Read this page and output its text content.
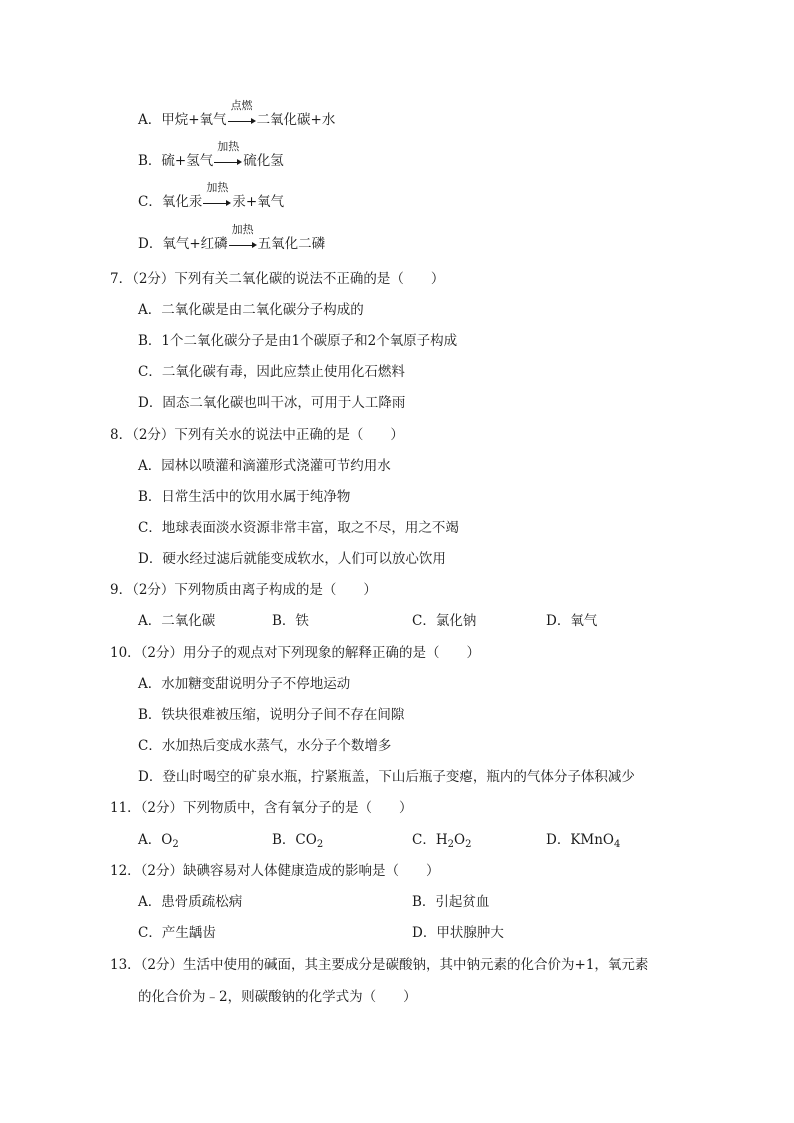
A．甲烷+氧气
点燃
二氧化碳+水
B．硫+氢气
加热
硫化氢
C．氧化汞
加热
汞+氧气
D．氧气+红磷
加热
五氧化二磷
7．（2分）下列有关二氧化碳的说法不正确的是（　　）
A．二氧化碳是由二氧化碳分子构成的
B．1个二氧化碳分子是由1个碳原子和2个氧原子构成
C．二氧化碳有毒，因此应禁止使用化石燃料
D．固态二氧化碳也叫干冰，可用于人工降雨
8．（2分）下列有关水的说法中正确的是（　　）
A．园林以喷灌和滴灌形式浇灌可节约用水
B．日常生活中的饮用水属于纯净物
C．地球表面淡水资源非常丰富，取之不尽，用之不竭
D．硬水经过滤后就能变成软水，人们可以放心饮用
9．（2分）下列物质由离子构成的是（　　）
A．二氧化碳	B．铁	C．氯化钠	D．氧气
10．（2分）用分子的观点对下列现象的解释正确的是（　　）
A．水加糖变甜说明分子不停地运动
B．铁块很难被压缩，说明分子间不存在间隙
C．水加热后变成水蒸气，水分子个数增多
D．登山时喝空的矿泉水瓶，拧紧瓶盖，下山后瓶子变瘪，瓶内的气体分子体积减少
11．（2分）下列物质中，含有氧分子的是（　　）
A．$O_2$	B．$CO_2$	C．$H_2O_2$	D．KMnO$_4$
12．（2分）缺碘容易对人体健康造成的影响是（　　）
A．患骨质疏松病	B．引起贫血
C．产生龋齿	D．甲状腺肿大
13．（2分）生活中使用的碱面，其主要成分是碳酸钠，其中钠元素的化合价为+1，氧元素
的化合价为﹣2，则碳酸钠的化学式为（　　）
